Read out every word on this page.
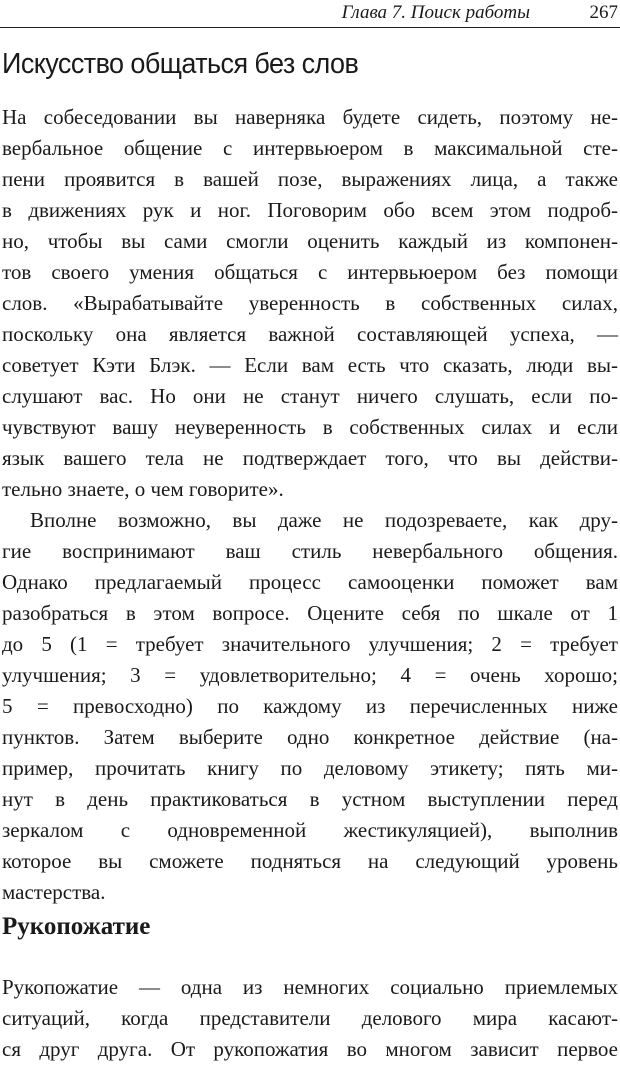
Глава 7. Поиск работы	267
Искусство общаться без слов
На собеседовании вы наверняка будете сидеть, поэтому не-
вербальное общение с интервьюером в максимальной сте-
пени проявится в вашей позе, выражениях лица, а также
в движениях рук и ног. Поговорим обо всем этом подроб-
но, чтобы вы сами смогли оценить каждый из компонен-
тов своего умения общаться с интервьюером без помощи
слов. «Вырабатывайте уверенность в собственных силах,
поскольку она является важной составляющей успеха, —
советует Кэти Блэк. — Если вам есть что сказать, люди вы-
слушают вас. Но они не станут ничего слушать, если по-
чувствуют вашу неуверенность в собственных силах и если
язык вашего тела не подтверждает того, что вы действи-
тельно знаете, о чем говорите».
Вполне возможно, вы даже не подозреваете, как дру-
гие воспринимают ваш стиль невербального общения.
Однако предлагаемый процесс самооценки поможет вам
разобраться в этом вопросе. Оцените себя по шкале от 1
до 5 (1 = требует значительного улучшения; 2 = требует
улучшения; 3 = удовлетворительно; 4 = очень хорошо;
5 = превосходно) по каждому из перечисленных ниже
пунктов. Затем выберите одно конкретное действие (на-
пример, прочитать книгу по деловому этикету; пять ми-
нут в день практиковаться в устном выступлении перед
зеркалом с одновременной жестикуляцией), выполнив
которое вы сможете подняться на следующий уровень
мастерства.
Рукопожатие
Рукопожатие — одна из немногих социально приемлемых
ситуаций, когда представители делового мира касают-
ся друг друга. От рукопожатия во многом зависит первое
